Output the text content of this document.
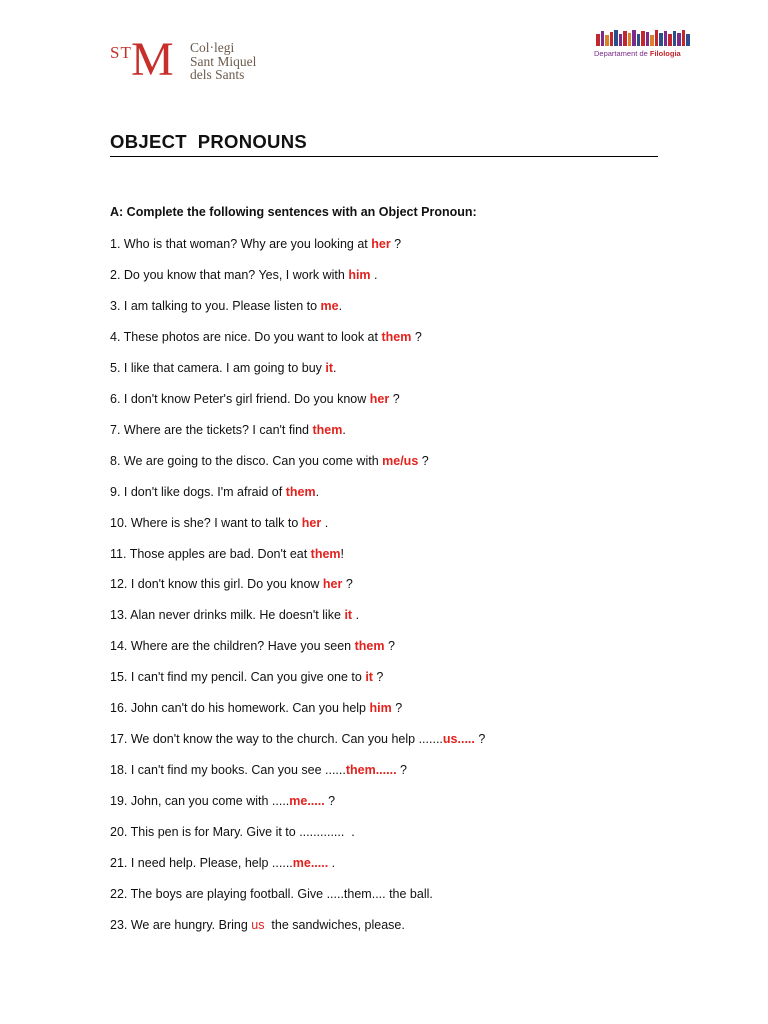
ST M Col·legi
Sant Miquel
dels Sants
Departament de Filologia
OBJECT  PRONOUNS
A: Complete the following sentences with an Object Pronoun:
1. Who is that woman? Why are you looking at her ?
2. Do you know that man? Yes, I work with him .
3. I am talking to you. Please listen to me.
4. These photos are nice. Do you want to look at them ?
5. I like that camera. I am going to buy it.
6. I don't know Peter's girl friend. Do you know her ?
7. Where are the tickets? I can't find them.
8. We are going to the disco. Can you come with me/us ?
9. I don't like dogs. I'm afraid of them.
10. Where is she? I want to talk to her .
11. Those apples are bad. Don't eat them!
12. I don't know this girl. Do you know her ?
13. Alan never drinks milk. He doesn't like it .
14. Where are the children? Have you seen them ?
15. I can't find my pencil. Can you give one to it ?
16. John can't do his homework. Can you help him ?
17. We don't know the way to the church. Can you help .......us..... ?
18. I can't find my books. Can you see ......them...... ?
19. John, can you come with .....me..... ?
20. This pen is for Mary. Give it to .............  .
21. I need help. Please, help ......me..... .
22. The boys are playing football. Give .....them.... the ball.
23. We are hungry. Bring us  the sandwiches, please.
